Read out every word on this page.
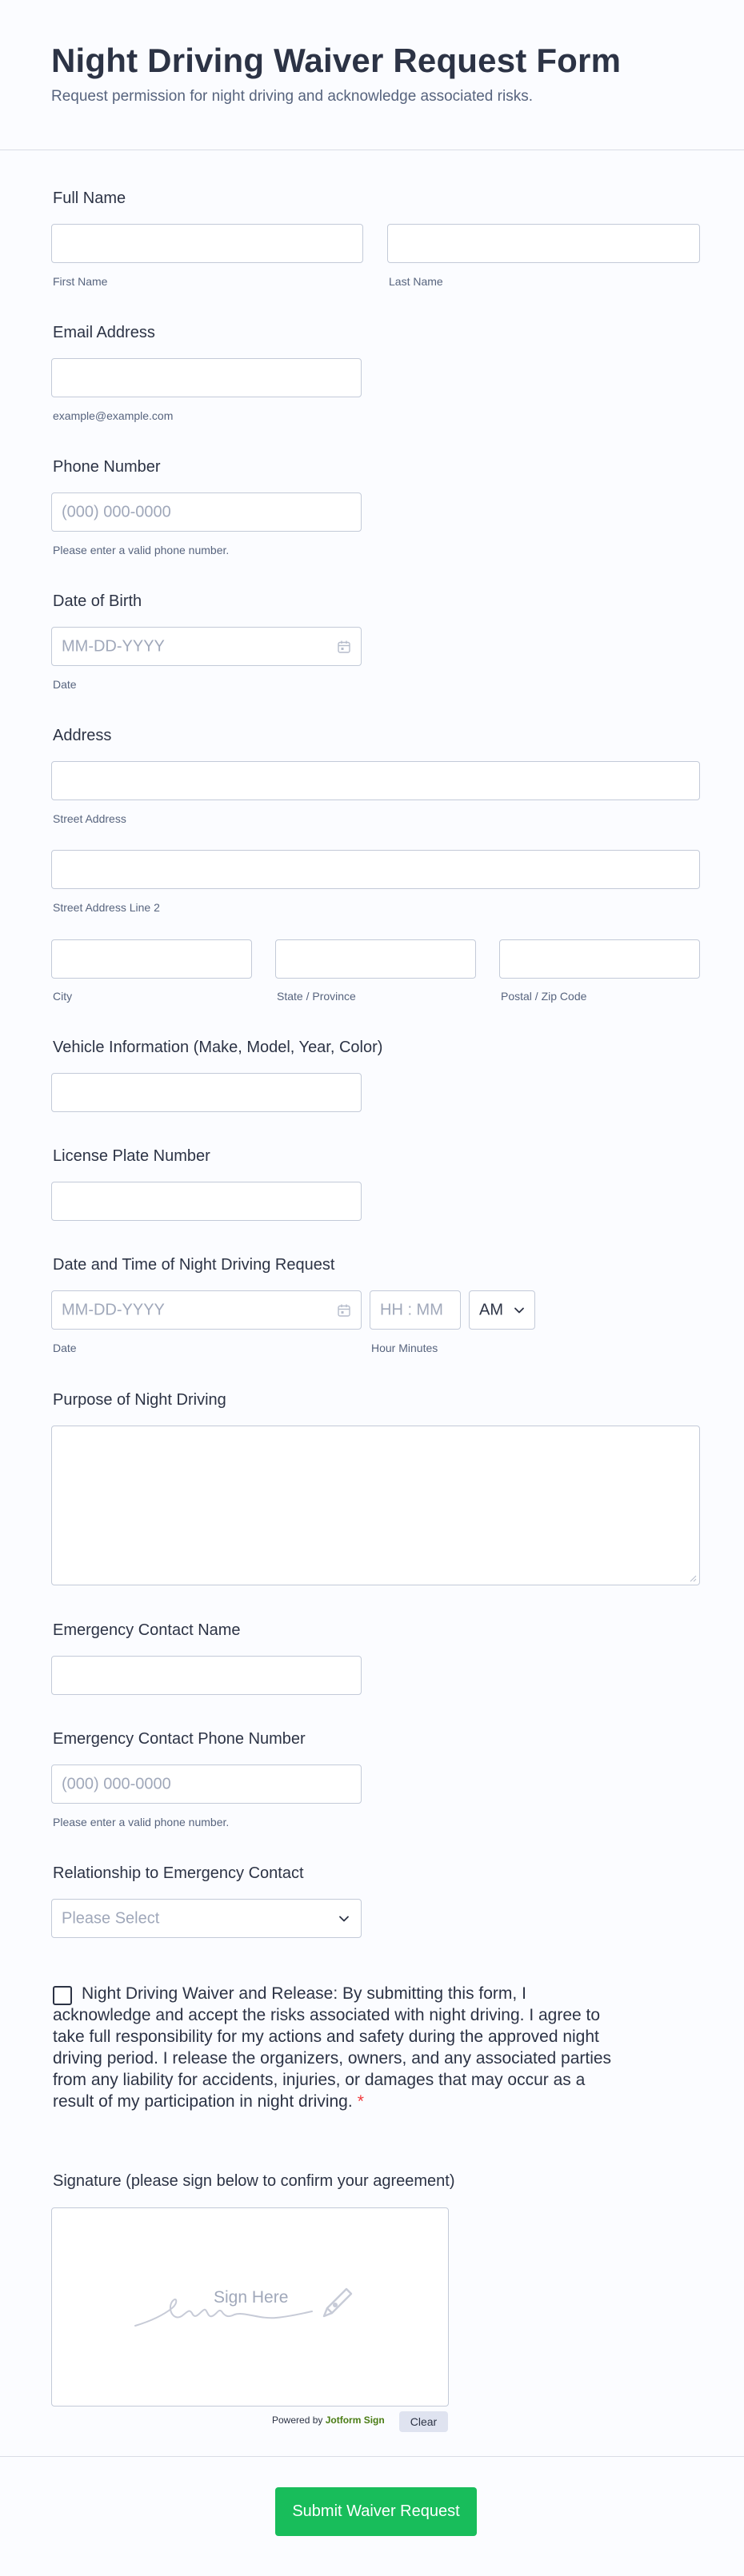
Night Driving Waiver Request Form
Request permission for night driving and acknowledge associated risks.
Full Name
First Name	Last Name
Email Address
example@example.com
Phone Number
(000) 000-0000
Please enter a valid phone number.
Date of Birth
MM-DD-YYYY
Date
Address
Street Address
Street Address Line 2
City	State / Province	Postal / Zip Code
Vehicle Information (Make, Model, Year, Color)
License Plate Number
Date and Time of Night Driving Request
MM-DD-YYYY
Date
HH : MM
Hour Minutes
AM
Purpose of Night Driving
Emergency Contact Name
Emergency Contact Phone Number
(000) 000-0000
Please enter a valid phone number.
Relationship to Emergency Contact
Please Select

Night Driving Waiver and Release: By submitting this form, I acknowledge and accept the risks associated with night driving. I agree to take full responsibility for my actions and safety during the approved night driving period. I release the organizers, owners, and any associated parties from any liability for accidents, injuries, or damages that may occur as a result of my participation in night driving. *

Signature (please sign below to confirm your agreement)
Sign Here
Powered by Jotform Sign	Clear
Submit Waiver Request
